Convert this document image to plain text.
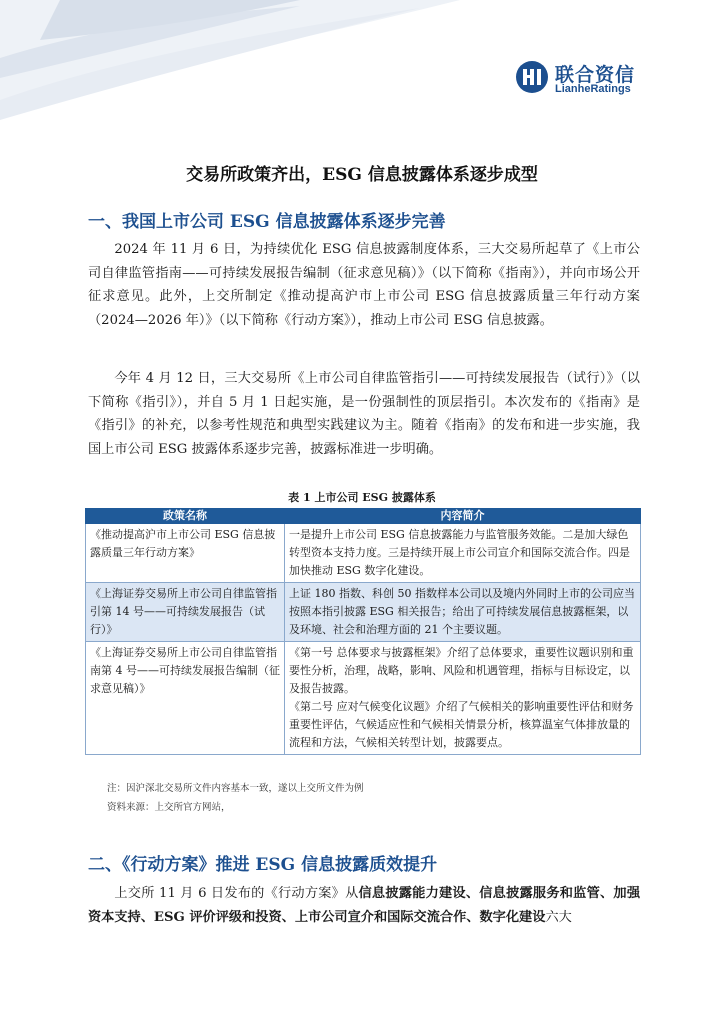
联合资信
LianheRatings
交易所政策齐出，ESG 信息披露体系逐步成型
一、我国上市公司 ESG 信息披露体系逐步完善

2024 年 11 月 6 日，为持续优化 ESG 信息披露制度体系，三大交易所起草了《上市公司自律监管指南——可持续发展报告编制（征求意见稿）》（以下简称《指南》），并向市场公开征求意见。此外，上交所制定《推动提高沪市上市公司 ESG 信息披露质量三年行动方案（2024—2026 年）》（以下简称《行动方案》），推动上市公司 ESG 信息披露。

今年 4 月 12 日，三大交易所《上市公司自律监管指引——可持续发展报告（试行）》（以下简称《指引》），并自 5 月 1 日起实施，是一份强制性的顶层指引。本次发布的《指南》是《指引》的补充，以参考性规范和典型实践建议为主。随着《指南》的发布和进一步实施，我国上市公司 ESG 披露体系逐步完善，披露标准进一步明确。

表 1 上市公司 ESG 披露体系
政策名称	内容简介
《推动提高沪市上市公司 ESG 信息披露质量三年行动方案》	一是提升上市公司 ESG 信息披露能力与监管服务效能。二是加大绿色转型资本支持力度。三是持续开展上市公司宣介和国际交流合作。四是加快推动 ESG 数字化建设。
《上海证券交易所上市公司自律监管指引第 14 号——可持续发展报告（试行）》	上证 180 指数、科创 50 指数样本公司以及境内外同时上市的公司应当按照本指引披露 ESG 相关报告；给出了可持续发展信息披露框架，以及环境、社会和治理方面的 21 个主要议题。
《上海证券交易所上市公司自律监管指南第 4 号——可持续发展报告编制（征求意见稿）》	《第一号 总体要求与披露框架》介绍了总体要求，重要性议题识别和重要性分析，治理，战略，影响、风险和机遇管理，指标与目标设定，以及报告披露。
《第二号 应对气候变化议题》介绍了气候相关的影响重要性评估和财务重要性评估，气候适应性和气候相关情景分析，核算温室气体排放量的流程和方法，气候相关转型计划，披露要点。
注：因沪深北交易所文件内容基本一致，遂以上交所文件为例
资料来源：上交所官方网站，
二、《行动方案》推进 ESG 信息披露质效提升

上交所 11 月 6 日发布的《行动方案》从信息披露能力建设、信息披露服务和监管、加强资本支持、ESG 评价评级和投资、上市公司宣介和国际交流合作、数字化建设六大
